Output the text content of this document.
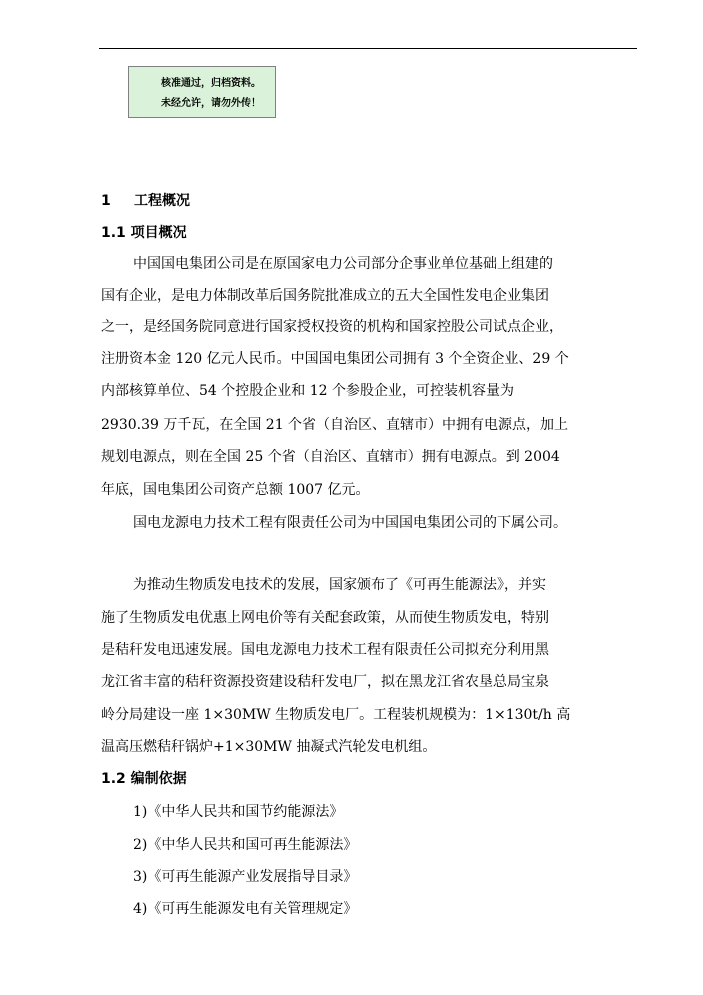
核准通过，归档资料。
未经允许，请勿外传！
1 工程概况
1.1 项目概况
中国国电集团公司是在原国家电力公司部分企事业单位基础上组建的
国有企业，是电力体制改革后国务院批准成立的五大全国性发电企业集团
之一，是经国务院同意进行国家授权投资的机构和国家控股公司试点企业，
注册资本金 120 亿元人民币。中国国电集团公司拥有 3 个全资企业、29 个
内部核算单位、54 个控股企业和 12 个参股企业，可控装机容量为
2930.39 万千瓦，在全国 21 个省（自治区、直辖市）中拥有电源点，加上
规划电源点，则在全国 25 个省（自治区、直辖市）拥有电源点。到 2004
年底，国电集团公司资产总额 1007 亿元。
国电龙源电力技术工程有限责任公司为中国国电集团公司的下属公司。
为推动生物质发电技术的发展，国家颁布了《可再生能源法》，并实
施了生物质发电优惠上网电价等有关配套政策，从而使生物质发电，特别
是秸秆发电迅速发展。国电龙源电力技术工程有限责任公司拟充分利用黑
龙江省丰富的秸秆资源投资建设秸秆发电厂，拟在黑龙江省农垦总局宝泉
岭分局建设一座 1×30MW 生物质发电厂。工程装机规模为：1×130t/h 高
温高压燃秸秆锅炉+1×30MW 抽凝式汽轮发电机组。
1.2 编制依据
1)《中华人民共和国节约能源法》
2)《中华人民共和国可再生能源法》
3)《可再生能源产业发展指导目录》
4)《可再生能源发电有关管理规定》
